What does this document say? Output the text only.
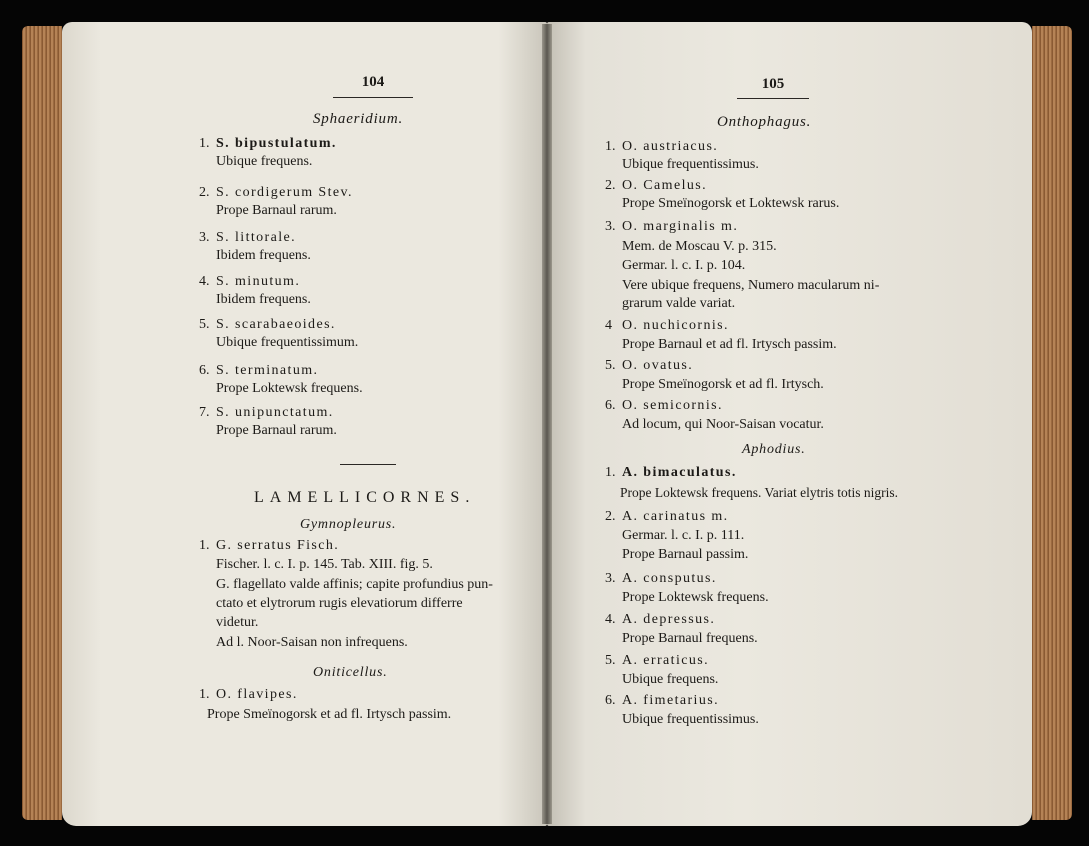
104
Sphaeridium.
1. S. bipustulatum.
Ubique frequens.
2. S. cordigerum Stev.
Prope Barnaul rarum.
3. S. littorale.
Ibidem frequens.
4. S. minutum.
Ibidem frequens.
5. S. scarabaeoides.
Ubique frequentissimum.
6. S. terminatum.
Prope Loktewsk frequens.
7. S. unipunctatum.
Prope Barnaul rarum.
LAMELLICORNES.
Gymnopleurus.
1. G. serratus Fisch.
Fischer. l. c. I. p. 145. Tab. XIII. fig. 5.
G. flagellato valde affinis; capite profundius pun-
ctato et elytrorum rugis elevatiorum differre
videtur.
Ad l. Noor-Saisan non infrequens.
Oniticellus.
1. O. flavipes.
Prope Smeïnogorsk et ad fl. Irtysch passim.
105
Onthophagus.
1. O. austriacus.
Ubique frequentissimus.
2. O. Camelus.
Prope Smeïnogorsk et Loktewsk rarus.
3. O. marginalis m.
Mem. de Moscau V. p. 315.
Germar. l. c. I. p. 104.
Vere ubique frequens, Numero macularum ni-
grarum valde variat.
4 O. nuchicornis.
Prope Barnaul et ad fl. Irtysch passim.
5. O. ovatus.
Prope Smeïnogorsk et ad fl. Irtysch.
6. O. semicornis.
Ad locum, qui Noor-Saisan vocatur.
Aphodius.
1. A. bimaculatus.
Prope Loktewsk frequens. Variat elytris totis nigris.
2. A. carinatus m.
Germar. l. c. I. p. 111.
Prope Barnaul passim.
3. A. consputus.
Prope Loktewsk frequens.
4. A. depressus.
Prope Barnaul frequens.
5. A. erraticus.
Ubique frequens.
6. A. fimetarius.
Ubique frequentissimus.
